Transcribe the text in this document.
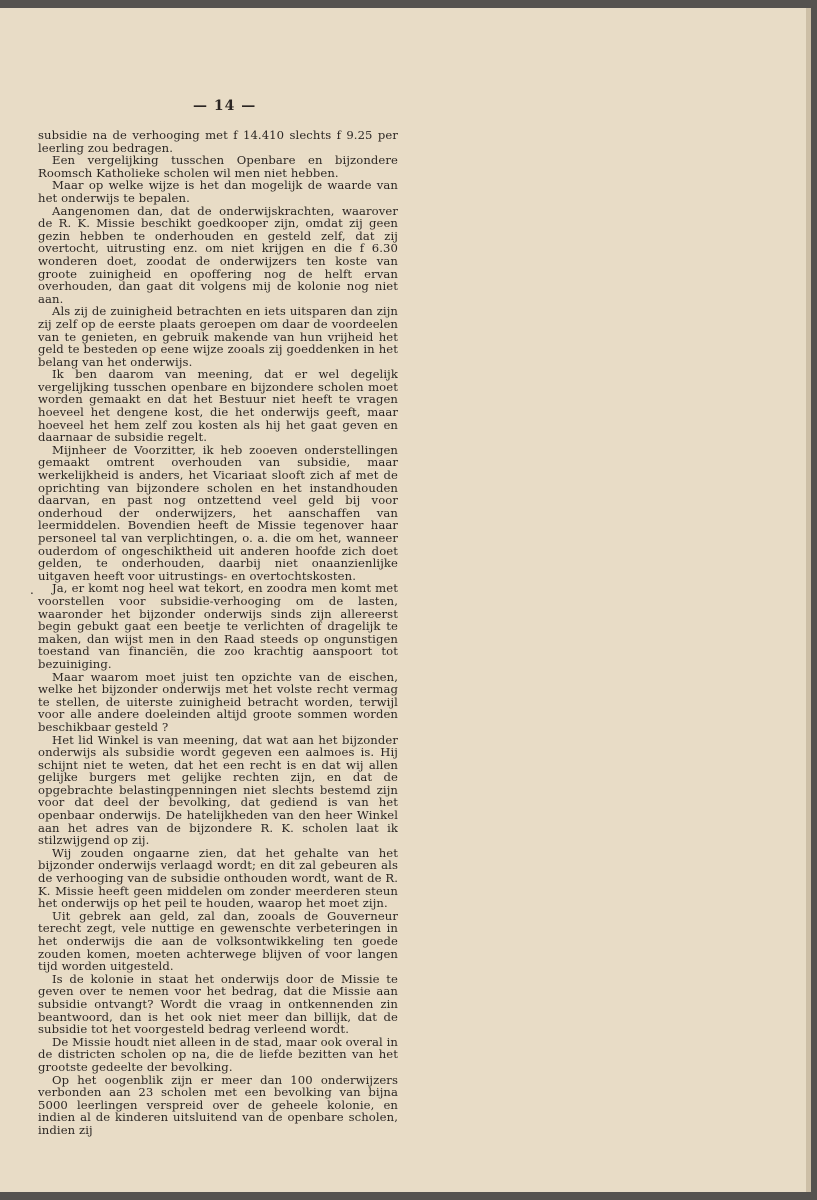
— 14 —

subsidie na de verhooging met f 14.410 slechts f 9.25 per leerling zou bedragen.

Een vergelijking tusschen Openbare en bijzondere Roomsch Katholieke scholen wil men niet hebben.

Maar op welke wijze is het dan mogelijk de waarde van het onderwijs te bepalen.

Aangenomen dan, dat de onderwijskrachten, waarover de R. K. Missie beschikt goedkooper zijn, omdat zij geen gezin hebben te onderhouden en gesteld zelf, dat zij overtocht, uitrusting enz. om niet krijgen en die f 6.30 wonderen doet, zoodat de onderwijzers ten koste van groote zuinigheid en opoffering nog de helft ervan overhouden, dan gaat dit volgens mij de kolonie nog niet aan.

Als zij de zuinigheid betrachten en iets uitsparen dan zijn zij zelf op de eerste plaats geroepen om daar de voordeelen van te genieten, en gebruik makende van hun vrijheid het geld te besteden op eene wijze zooals zij goeddenken in het belang van het onderwijs.

Ik ben daarom van meening, dat er wel degelijk vergelijking tusschen openbare en bijzondere scholen moet worden gemaakt en dat het Bestuur niet heeft te vragen hoeveel het dengene kost, die het onderwijs geeft, maar hoeveel het hem zelf zou kosten als hij het gaat geven en daarnaar de subsidie regelt.

Mijnheer de Voorzitter, ik heb zooeven onderstellingen gemaakt omtrent overhouden van subsidie, maar werkelijkheid is anders, het Vicariaat slooft zich af met de oprichting van bijzondere scholen en het instandhouden daarvan, en past nog ontzettend veel geld bij voor onderhoud der onderwijzers, het aanschaffen van leermiddelen. Bovendien heeft de Missie tegenover haar personeel tal van verplichtingen, o. a. die om het, wanneer ouderdom of ongeschiktheid uit anderen hoofde zich doet gelden, te onderhouden, daarbij niet onaanzienlijke uitgaven heeft voor uitrustings- en overtochtskosten.

Ja, er komt nog heel wat tekort, en zoodra men komt met voorstellen voor subsidie-verhooging om de lasten, waaronder het bijzonder onderwijs sinds zijn allereerst begin gebukt gaat een beetje te verlichten of dragelijk te maken, dan wijst men in den Raad steeds op ongunstigen toestand van financiën, die zoo krachtig aanspoort tot bezuiniging.

Maar waarom moet juist ten opzichte van de eischen, welke het bijzonder onderwijs met het volste recht vermag te stellen, de uiterste zuinigheid betracht worden, terwijl voor alle andere doeleinden altijd groote sommen worden beschikbaar gesteld ?

Het lid Winkel is van meening, dat wat aan het bijzonder onderwijs als subsidie wordt gegeven een aalmoes is. Hij schijnt niet te weten, dat het een recht is en dat wij allen gelijke burgers met gelijke rechten zijn, en dat de opgebrachte belastingpenningen niet slechts bestemd zijn voor dat deel der bevolking, dat gediend is van het openbaar onderwijs. De hatelijkheden van den heer Winkel aan het adres van de bijzondere R. K. scholen laat ik stilzwijgend op zij.

Wij zouden ongaarne zien, dat het gehalte van het bijzonder onderwijs verlaagd wordt; en dit zal gebeuren als de verhooging van de subsidie onthouden wordt, want de R. K. Missie heeft geen middelen om zonder meerderen steun het onderwijs op het peil te houden, waarop het moet zijn.

Uit gebrek aan geld, zal dan, zooals de Gouverneur terecht zegt, vele nuttige en gewenschte verbeteringen in het onderwijs die aan de volksontwikkeling ten goede zouden komen, moeten achterwege blijven of voor langen tijd worden uitgesteld.

Is de kolonie in staat het onderwijs door de Missie te geven over te nemen voor het bedrag, dat die Missie aan subsidie ontvangt? Wordt die vraag in ontkennenden zin beantwoord, dan is het ook niet meer dan billijk, dat de subsidie tot het voorgesteld bedrag verleend wordt.

De Missie houdt niet alleen in de stad, maar ook overal in de districten scholen op na, die de liefde bezitten van het grootste gedeelte der bevolking.

Op het oogenblik zijn er meer dan 100 onderwijzers verbonden aan 23 scholen met een bevolking van bijna 5000 leerlingen verspreid over de geheele kolonie, en indien al de kinderen uitsluitend van de openbare scholen, indien zij

.
